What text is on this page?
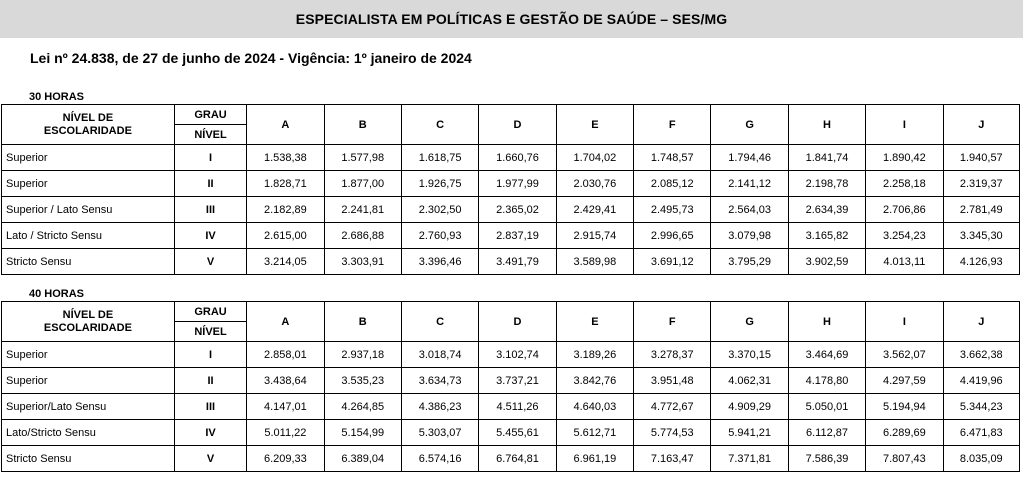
ESPECIALISTA EM POLÍTICAS E GESTÃO DE SAÚDE – SES/MG
Lei nº 24.838, de 27 de junho de 2024 - Vigência: 1º janeiro de 2024
30 HORAS
NÍVEL DE ESCOLARIDADE	GRAU	A	B	C	D	E	F	G	H	I	J
	NÍVEL										
Superior	I	1.538,38	1.577,98	1.618,75	1.660,76	1.704,02	1.748,57	1.794,46	1.841,74	1.890,42	1.940,57
Superior	II	1.828,71	1.877,00	1.926,75	1.977,99	2.030,76	2.085,12	2.141,12	2.198,78	2.258,18	2.319,37
Superior / Lato Sensu	III	2.182,89	2.241,81	2.302,50	2.365,02	2.429,41	2.495,73	2.564,03	2.634,39	2.706,86	2.781,49
Lato / Stricto Sensu	IV	2.615,00	2.686,88	2.760,93	2.837,19	2.915,74	2.996,65	3.079,98	3.165,82	3.254,23	3.345,30
Stricto Sensu	V	3.214,05	3.303,91	3.396,46	3.491,79	3.589,98	3.691,12	3.795,29	3.902,59	4.013,11	4.126,93
40 HORAS
NÍVEL DE ESCOLARIDADE	GRAU	A	B	C	D	E	F	G	H	I	J
	NÍVEL										
Superior	I	2.858,01	2.937,18	3.018,74	3.102,74	3.189,26	3.278,37	3.370,15	3.464,69	3.562,07	3.662,38
Superior	II	3.438,64	3.535,23	3.634,73	3.737,21	3.842,76	3.951,48	4.062,31	4.178,80	4.297,59	4.419,96
Superior/Lato Sensu	III	4.147,01	4.264,85	4.386,23	4.511,26	4.640,03	4.772,67	4.909,29	5.050,01	5.194,94	5.344,23
Lato/Stricto Sensu	IV	5.011,22	5.154,99	5.303,07	5.455,61	5.612,71	5.774,53	5.941,21	6.112,87	6.289,69	6.471,83
Stricto Sensu	V	6.209,33	6.389,04	6.574,16	6.764,81	6.961,19	7.163,47	7.371,81	7.586,39	7.807,43	8.035,09
